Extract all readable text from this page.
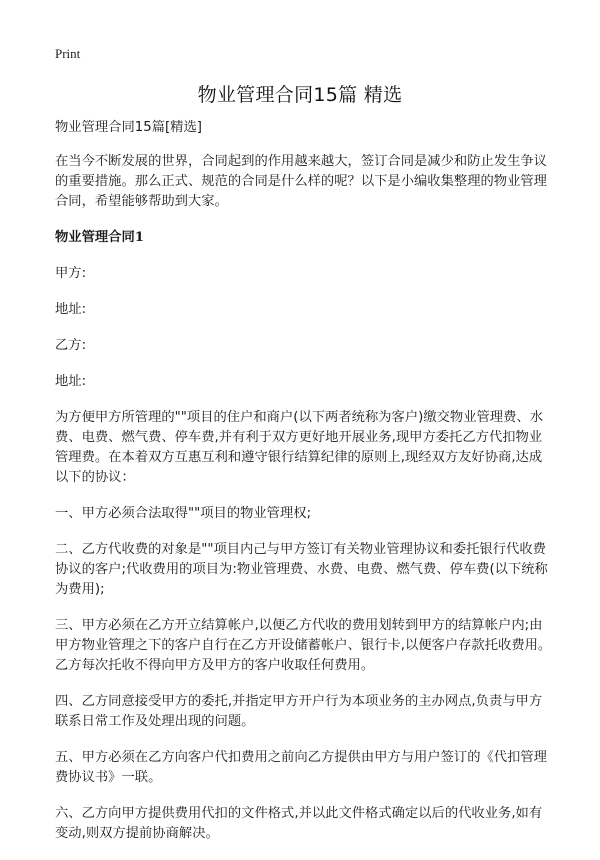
Print
物业管理合同15篇 精选

物业管理合同15篇[精选]

在当今不断发展的世界，合同起到的作用越来越大，签订合同是减少和防止发生争议的重要措施。那么正式、规范的合同是什么样的呢？以下是小编收集整理的物业管理合同，希望能够帮助到大家。

物业管理合同1

甲方:

地址:

乙方:

地址:

为方便甲方所管理的""项目的住户和商户(以下两者统称为客户)缴交物业管理费、水费、电费、燃气费、停车费,并有利于双方更好地开展业务,现甲方委托乙方代扣物业管理费。在本着双方互惠互利和遵守银行结算纪律的原则上,现经双方友好协商,达成以下的协议：

一、甲方必须合法取得""项目的物业管理权;

二、乙方代收费的对象是""项目内己与甲方签订有关物业管理协议和委托银行代收费协议的客户;代收费用的项目为:物业管理费、水费、电费、燃气费、停车费(以下统称为费用);

三、甲方必须在乙方开立结算帐户,以便乙方代收的费用划转到甲方的结算帐户内;由甲方物业管理之下的客户自行在乙方开设储蓄帐户、银行卡,以便客户存款托收费用。乙方每次托收不得向甲方及甲方的客户收取任何费用。

四、乙方同意接受甲方的委托,并指定甲方开户行为本项业务的主办网点,负责与甲方联系日常工作及处理出现的问题。

五、甲方必须在乙方向客户代扣费用之前向乙方提供由甲方与用户签订的《代扣管理费协议书》一联。

六、乙方向甲方提供费用代扣的文件格式,并以此文件格式确定以后的代收业务,如有变动,则双方提前协商解决。
